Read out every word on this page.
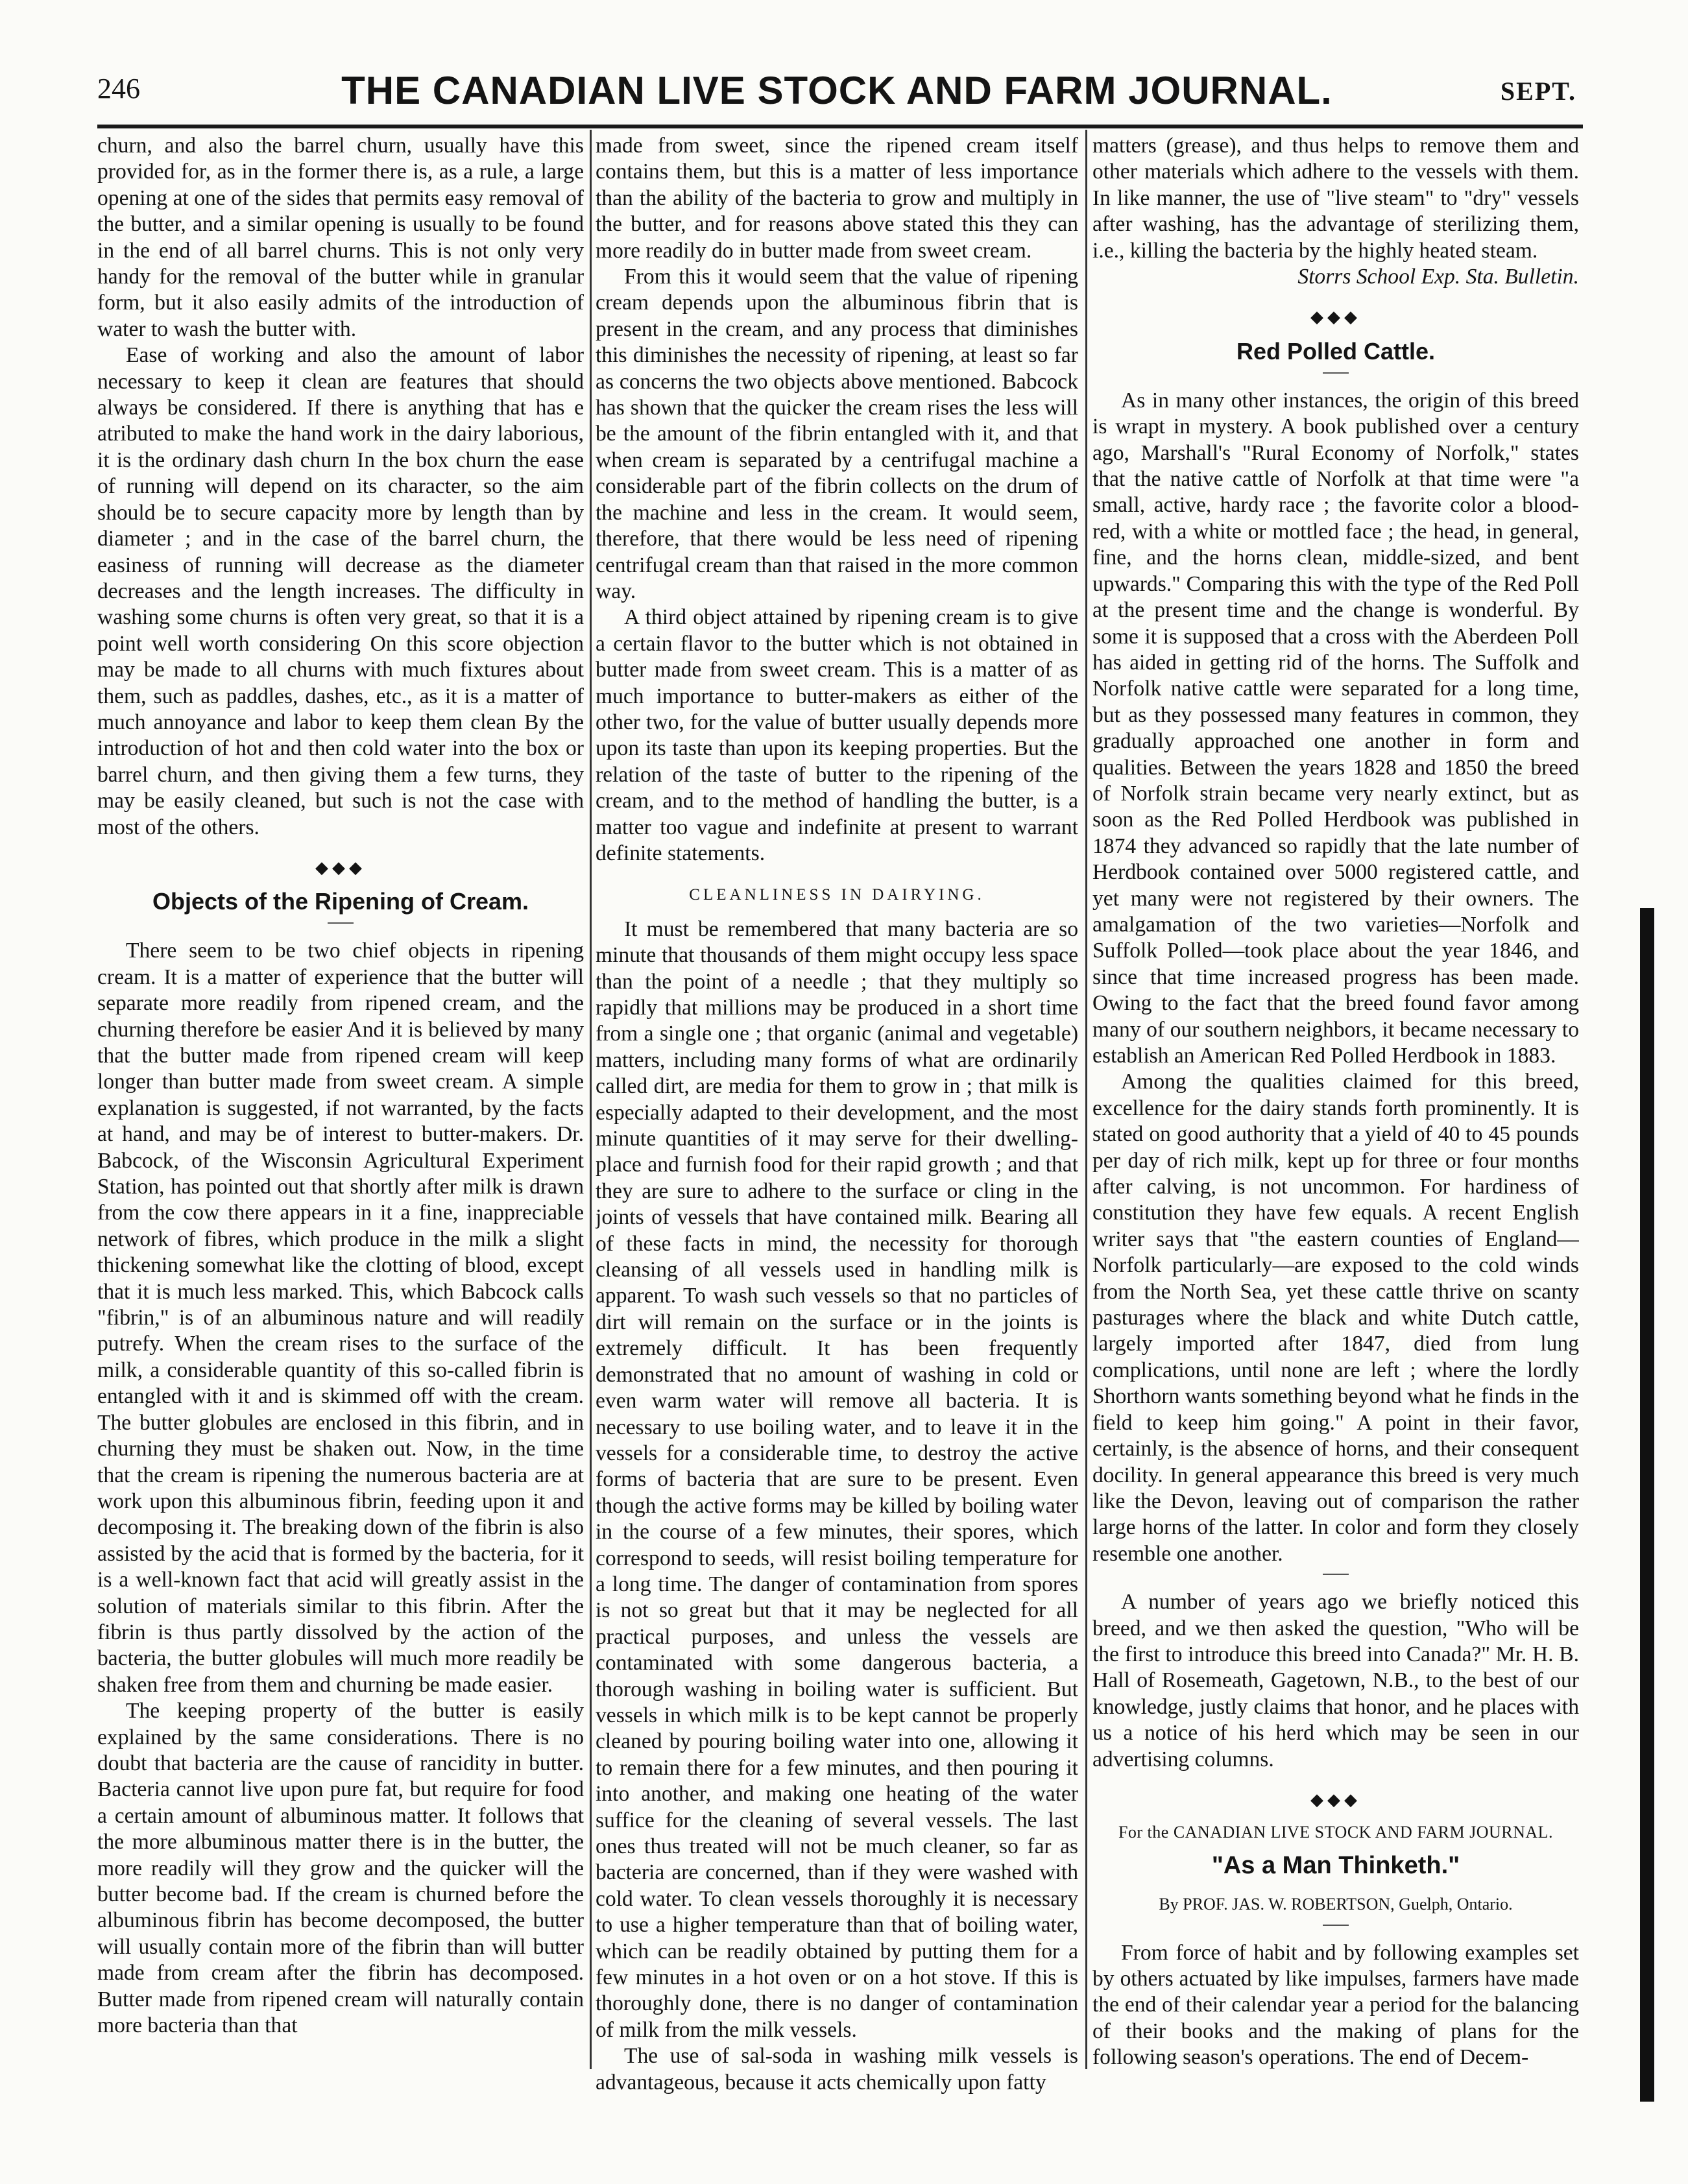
246	THE CANADIAN LIVE STOCK AND FARM JOURNAL.	SEPT.

churn, and also the barrel churn, usually have this provided for, as in the former there is, as a rule, a large opening at one of the sides that permits easy removal of the butter, and a similar opening is usually to be found in the end of all barrel churns. This is not only very handy for the removal of the butter while in granular form, but it also easily admits of the introduction of water to wash the butter with.

Ease of working and also the amount of labor necessary to keep it clean are features that should always be considered. If there is anything that has e atributed to make the hand work in the dairy laborious, it is the ordinary dash churn In the box churn the ease of running will depend on its character, so the aim should be to secure capacity more by length than by diameter ; and in the case of the barrel churn, the easiness of running will decrease as the diameter decreases and the length increases. The difficulty in washing some churns is often very great, so that it is a point well worth considering On this score objection may be made to all churns with much fixtures about them, such as paddles, dashes, etc., as it is a matter of much annoyance and labor to keep them clean By the introduction of hot and then cold water into the box or barrel churn, and then giving them a few turns, they may be easily cleaned, but such is not the case with most of the others.

◆◆◆
Objects of the Ripening of Cream.

There seem to be two chief objects in ripening cream. It is a matter of experience that the butter will separate more readily from ripened cream, and the churning therefore be easier And it is believed by many that the butter made from ripened cream will keep longer than butter made from sweet cream. A simple explanation is suggested, if not warranted, by the facts at hand, and may be of interest to butter-makers. Dr. Babcock, of the Wisconsin Agricultural Experiment Station, has pointed out that shortly after milk is drawn from the cow there appears in it a fine, inappreciable network of fibres, which produce in the milk a slight thickening somewhat like the clotting of blood, except that it is much less marked. This, which Babcock calls "fibrin," is of an albuminous nature and will readily putrefy. When the cream rises to the surface of the milk, a considerable quantity of this so-called fibrin is entangled with it and is skimmed off with the cream. The butter globules are enclosed in this fibrin, and in churning they must be shaken out. Now, in the time that the cream is ripening the numerous bacteria are at work upon this albuminous fibrin, feeding upon it and decomposing it. The breaking down of the fibrin is also assisted by the acid that is formed by the bacteria, for it is a well-known fact that acid will greatly assist in the solution of materials similar to this fibrin. After the fibrin is thus partly dissolved by the action of the bacteria, the butter globules will much more readily be shaken free from them and churning be made easier.

The keeping property of the butter is easily explained by the same considerations. There is no doubt that bacteria are the cause of rancidity in butter. Bacteria cannot live upon pure fat, but require for food a certain amount of albuminous matter. It follows that the more albuminous matter there is in the butter, the more readily will they grow and the quicker will the butter become bad. If the cream is churned before the albuminous fibrin has become decomposed, the butter will usually contain more of the fibrin than will butter made from cream after the fibrin has decomposed. Butter made from ripened cream will naturally contain more bacteria than that

made from sweet, since the ripened cream itself contains them, but this is a matter of less importance than the ability of the bacteria to grow and multiply in the butter, and for reasons above stated this they can more readily do in butter made from sweet cream.

From this it would seem that the value of ripening cream depends upon the albuminous fibrin that is present in the cream, and any process that diminishes this diminishes the necessity of ripening, at least so far as concerns the two objects above mentioned. Babcock has shown that the quicker the cream rises the less will be the amount of the fibrin entangled with it, and that when cream is separated by a centrifugal machine a considerable part of the fibrin collects on the drum of the machine and less in the cream. It would seem, therefore, that there would be less need of ripening centrifugal cream than that raised in the more common way.

A third object attained by ripening cream is to give a certain flavor to the butter which is not obtained in butter made from sweet cream. This is a matter of as much importance to butter-makers as either of the other two, for the value of butter usually depends more upon its taste than upon its keeping properties. But the relation of the taste of butter to the ripening of the cream, and to the method of handling the butter, is a matter too vague and indefinite at present to warrant definite statements.

CLEANLINESS IN DAIRYING.

It must be remembered that many bacteria are so minute that thousands of them might occupy less space than the point of a needle ; that they multiply so rapidly that millions may be produced in a short time from a single one ; that organic (animal and vegetable) matters, including many forms of what are ordinarily called dirt, are media for them to grow in ; that milk is especially adapted to their development, and the most minute quantities of it may serve for their dwelling-place and furnish food for their rapid growth ; and that they are sure to adhere to the surface or cling in the joints of vessels that have contained milk. Bearing all of these facts in mind, the necessity for thorough cleansing of all vessels used in handling milk is apparent. To wash such vessels so that no particles of dirt will remain on the surface or in the joints is extremely difficult. It has been frequently demonstrated that no amount of washing in cold or even warm water will remove all bacteria. It is necessary to use boiling water, and to leave it in the vessels for a considerable time, to destroy the active forms of bacteria that are sure to be present. Even though the active forms may be killed by boiling water in the course of a few minutes, their spores, which correspond to seeds, will resist boiling temperature for a long time. The danger of contamination from spores is not so great but that it may be neglected for all practical purposes, and unless the vessels are contaminated with some dangerous bacteria, a thorough washing in boiling water is sufficient. But vessels in which milk is to be kept cannot be properly cleaned by pouring boiling water into one, allowing it to remain there for a few minutes, and then pouring it into another, and making one heating of the water suffice for the cleaning of several vessels. The last ones thus treated will not be much cleaner, so far as bacteria are concerned, than if they were washed with cold water. To clean vessels thoroughly it is necessary to use a higher temperature than that of boiling water, which can be readily obtained by putting them for a few minutes in a hot oven or on a hot stove. If this is thoroughly done, there is no danger of contamination of milk from the milk vessels.

The use of sal-soda in washing milk vessels is advantageous, because it acts chemically upon fatty

matters (grease), and thus helps to remove them and other materials which adhere to the vessels with them. In like manner, the use of "live steam" to "dry" vessels after washing, has the advantage of sterilizing them, i.e., killing the bacteria by the highly heated steam.

Storrs School Exp. Sta. Bulletin.
◆◆◆
Red Polled Cattle.

As in many other instances, the origin of this breed is wrapt in mystery. A book published over a century ago, Marshall's "Rural Economy of Norfolk," states that the native cattle of Norfolk at that time were "a small, active, hardy race ; the favorite color a blood-red, with a white or mottled face ; the head, in general, fine, and the horns clean, middle-sized, and bent upwards." Comparing this with the type of the Red Poll at the present time and the change is wonderful. By some it is supposed that a cross with the Aberdeen Poll has aided in getting rid of the horns. The Suffolk and Norfolk native cattle were separated for a long time, but as they possessed many features in common, they gradually approached one another in form and qualities. Between the years 1828 and 1850 the breed of Norfolk strain became very nearly extinct, but as soon as the Red Polled Herdbook was published in 1874 they advanced so rapidly that the late number of Herdbook contained over 5000 registered cattle, and yet many were not registered by their owners. The amalgamation of the two varieties—Norfolk and Suffolk Polled—took place about the year 1846, and since that time increased progress has been made. Owing to the fact that the breed found favor among many of our southern neighbors, it became necessary to establish an American Red Polled Herdbook in 1883.

Among the qualities claimed for this breed, excellence for the dairy stands forth prominently. It is stated on good authority that a yield of 40 to 45 pounds per day of rich milk, kept up for three or four months after calving, is not uncommon. For hardiness of constitution they have few equals. A recent English writer says that "the eastern counties of England—Norfolk particularly—are exposed to the cold winds from the North Sea, yet these cattle thrive on scanty pasturages where the black and white Dutch cattle, largely imported after 1847, died from lung complications, until none are left ; where the lordly Shorthorn wants something beyond what he finds in the field to keep him going." A point in their favor, certainly, is the absence of horns, and their consequent docility. In general appearance this breed is very much like the Devon, leaving out of comparison the rather large horns of the latter. In color and form they closely resemble one another.

A number of years ago we briefly noticed this breed, and we then asked the question, "Who will be the first to introduce this breed into Canada?" Mr. H. B. Hall of Rosemeath, Gagetown, N.B., to the best of our knowledge, justly claims that honor, and he places with us a notice of his herd which may be seen in our advertising columns.

◆◆◆
For the CANADIAN LIVE STOCK AND FARM JOURNAL.
"As a Man Thinketh."
By PROF. JAS. W. ROBERTSON, Guelph, Ontario.

From force of habit and by following examples set by others actuated by like impulses, farmers have made the end of their calendar year a period for the balancing of their books and the making of plans for the following season's operations. The end of Decem-
